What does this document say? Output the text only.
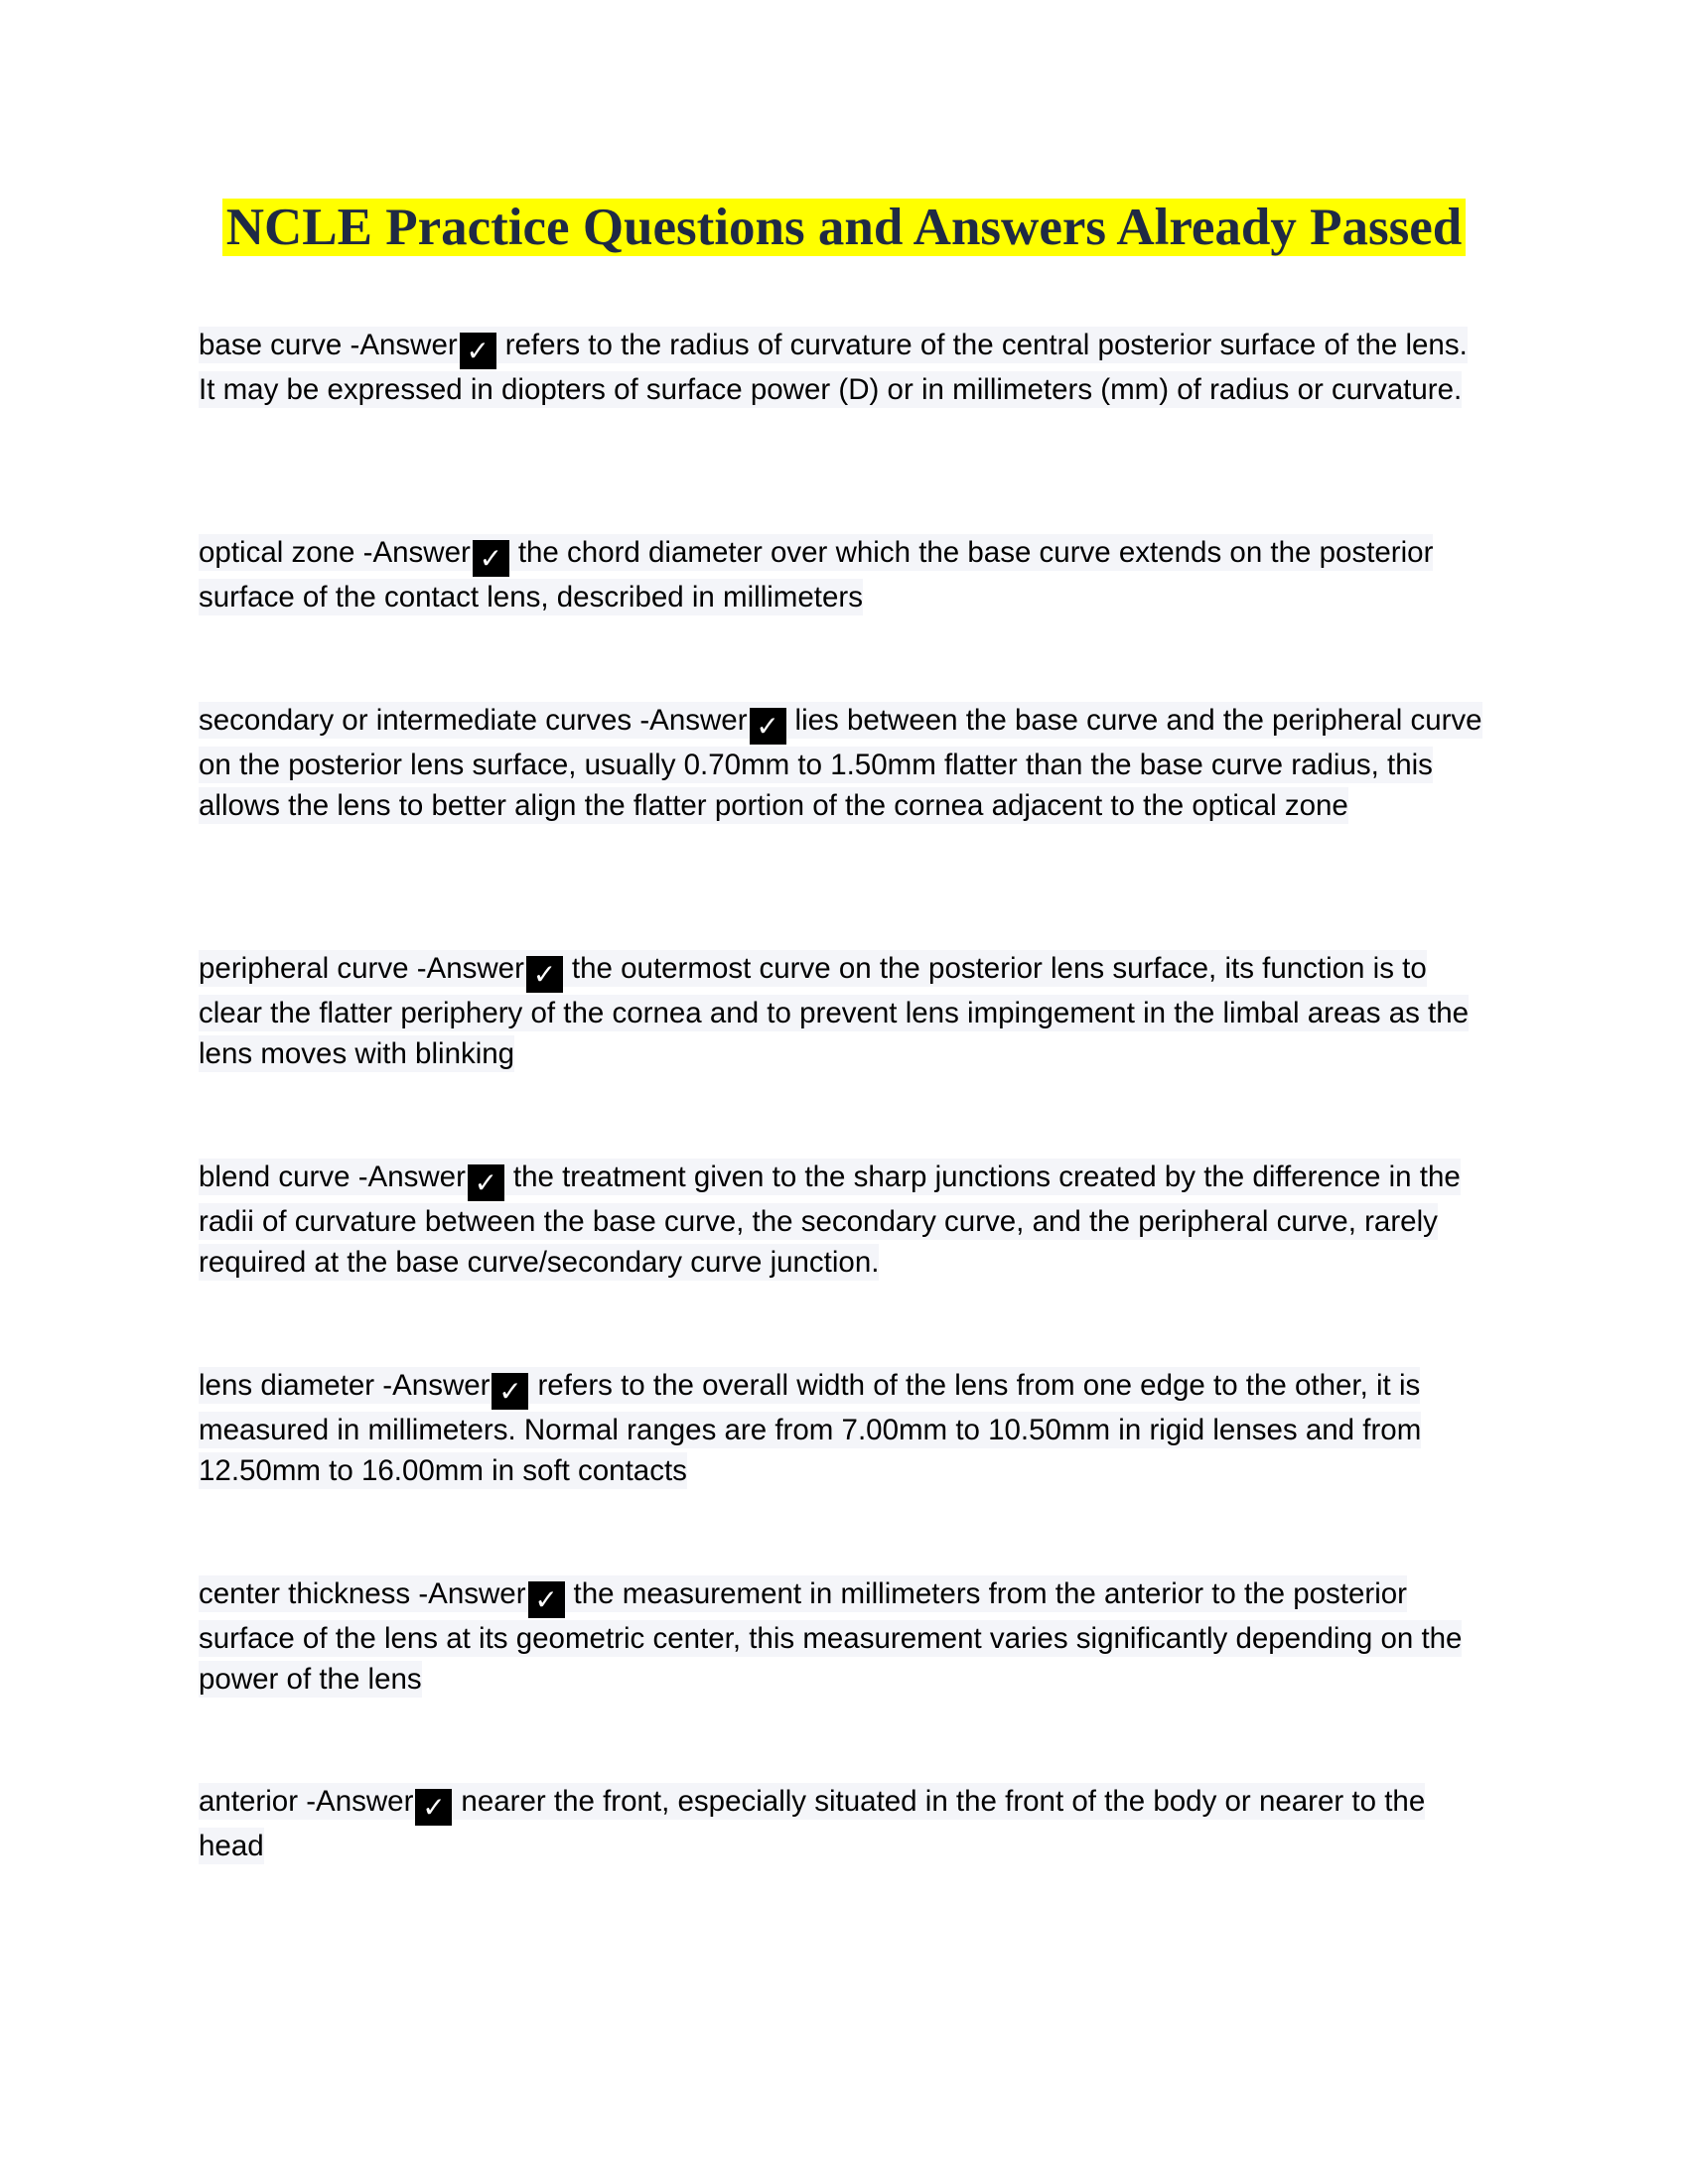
NCLE Practice Questions and Answers Already Passed

base curve -Answer ✓ refers to the radius of curvature of the central posterior surface of the lens. It may be expressed in diopters of surface power (D) or in millimeters (mm) of radius or curvature.

optical zone -Answer ✓ the chord diameter over which the base curve extends on the posterior surface of the contact lens, described in millimeters

secondary or intermediate curves -Answer ✓ lies between the base curve and the peripheral curve on the posterior lens surface, usually 0.70mm to 1.50mm flatter than the base curve radius, this allows the lens to better align the flatter portion of the cornea adjacent to the optical zone

peripheral curve -Answer ✓ the outermost curve on the posterior lens surface, its function is to clear the flatter periphery of the cornea and to prevent lens impingement in the limbal areas as the lens moves with blinking

blend curve -Answer ✓ the treatment given to the sharp junctions created by the difference in the radii of curvature between the base curve, the secondary curve, and the peripheral curve, rarely required at the base curve/secondary curve junction.

lens diameter -Answer ✓ refers to the overall width of the lens from one edge to the other, it is measured in millimeters. Normal ranges are from 7.00mm to 10.50mm in rigid lenses and from 12.50mm to 16.00mm in soft contacts

center thickness -Answer ✓ the measurement in millimeters from the anterior to the posterior surface of the lens at its geometric center, this measurement varies significantly depending on the power of the lens

anterior -Answer ✓ nearer the front, especially situated in the front of the body or nearer to the head
